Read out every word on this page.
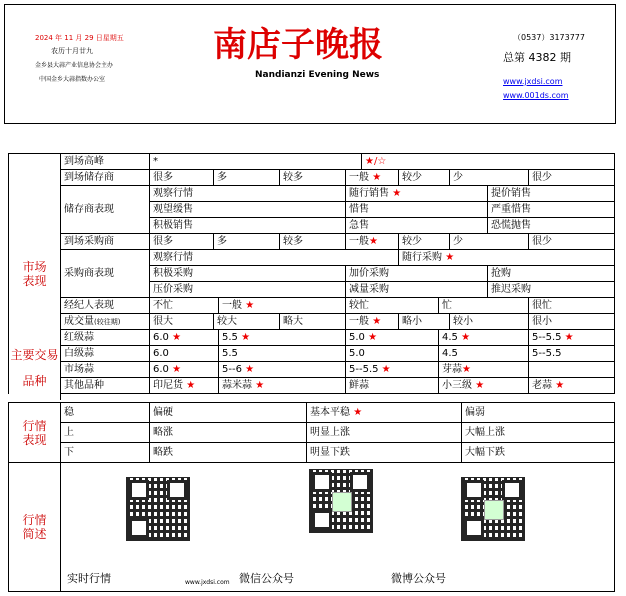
2024 年 11 月 29 日星期五
农历十月廿九
金乡县大蒜产业信息协会主办
中国金乡大蒜指数办公室
南店子晚报
Nandianzi Evening News
（0537）3173777
总第 4382 期
www.jxdsi.com
www.001ds.com
市场表现	到场高峰	*					★/☆					
	到场储存商	很多	多		较多	一般 ★		较少		少		很少
	储存商表现	观察行情				随行销售 ★					提价销售	
		观望缓售				惜售					严重惜售	
		积极销售				急售					恐慌抛售	
	到场采购商	很多	多		较多	一般★		较少		少		很少
	采购商表现	观察行情						随行采购 ★				
		积极采购				加价采购					抢购	
		压价采购				减量采购					推迟采购	
	经纪人表现	不忙		一般 ★		较忙			忙			很忙
	成交量(较往期)	很大	较大		略大	一般 ★		略小		较小		很小
	红级蒜	6.0 ★		5.5 ★		5.0 ★			4.5 ★			5--5.5 ★
	白级蒜	6.0		5.5		5.0			4.5			5--5.5
	市场蒜	6.0 ★		5--6 ★		5--5.5 ★			芽蒜★			
	其他品种	印尼货 ★		蒜米蒜 ★		鲜蒜			小三级 ★			老蒜 ★
行情表现	稳	偏硬	基本平稳 ★	偏弱
	上	略涨	明显上涨	大幅上涨
	下	略跌	明显下跌	大幅下跌
行情简述	实时行情 www.jxdsi.com 微信公众号 微博公众号			
主要交易品种
